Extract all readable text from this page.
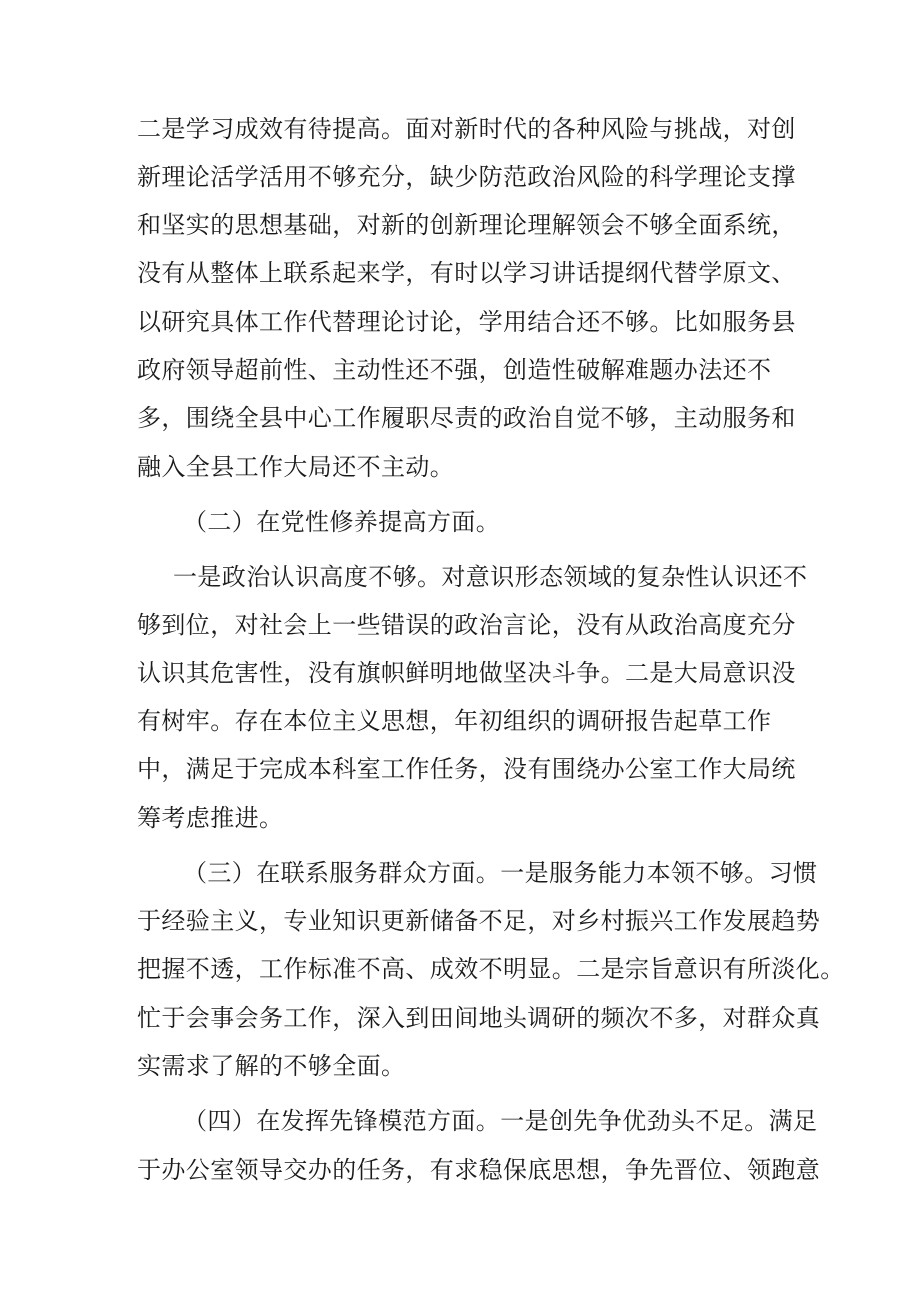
二是学习成效有待提高。面对新时代的各种风险与挑战，对创
新理论活学活用不够充分，缺少防范政治风险的科学理论支撑
和坚实的思想基础，对新的创新理论理解领会不够全面系统，
没有从整体上联系起来学，有时以学习讲话提纲代替学原文、
以研究具体工作代替理论讨论，学用结合还不够。比如服务县
政府领导超前性、主动性还不强，创造性破解难题办法还不
多，围绕全县中心工作履职尽责的政治自觉不够，主动服务和
融入全县工作大局还不主动。
（二）在党性修养提高方面。
一是政治认识高度不够。对意识形态领域的复杂性认识还不
够到位，对社会上一些错误的政治言论，没有从政治高度充分
认识其危害性，没有旗帜鲜明地做坚决斗争。二是大局意识没
有树牢。存在本位主义思想，年初组织的调研报告起草工作
中，满足于完成本科室工作任务，没有围绕办公室工作大局统
筹考虑推进。
（三）在联系服务群众方面。一是服务能力本领不够。习惯
于经验主义，专业知识更新储备不足，对乡村振兴工作发展趋势
把握不透，工作标准不高、成效不明显。二是宗旨意识有所淡化。
忙于会事会务工作，深入到田间地头调研的频次不多，对群众真
实需求了解的不够全面。
（四）在发挥先锋模范方面。一是创先争优劲头不足。满足
于办公室领导交办的任务，有求稳保底思想，争先晋位、领跑意
